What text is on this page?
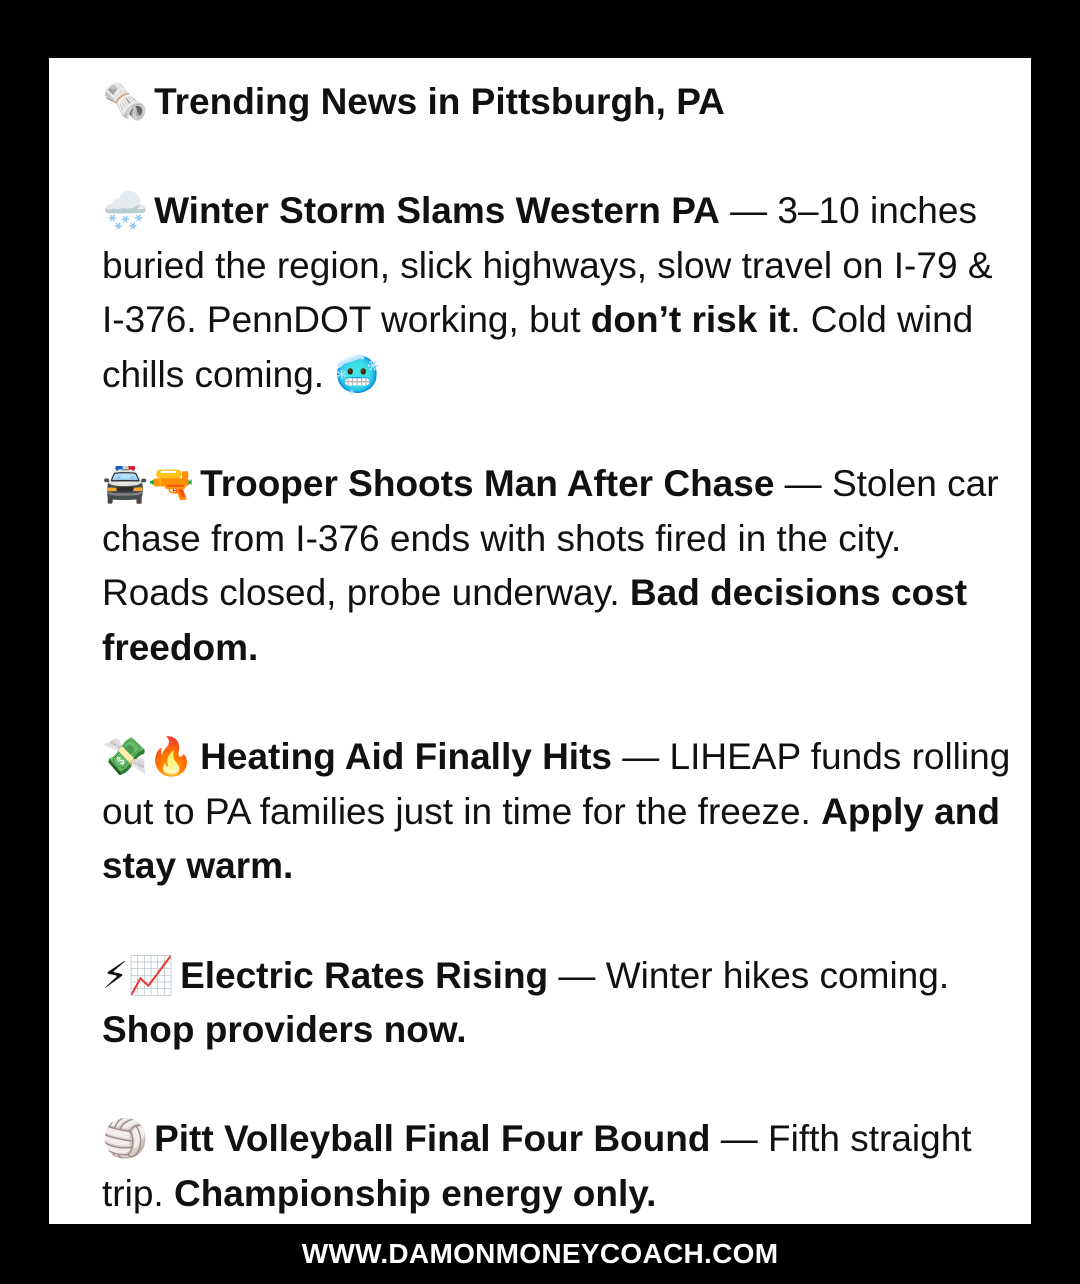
🗞️ Trending News in Pittsburgh, PA

🌨️ Winter Storm Slams Western PA — 3–10 inches buried the region, slick highways, slow travel on I-79 & I-376. PennDOT working, but don’t risk it. Cold wind chills coming. 🥶

🚔🔫 Trooper Shoots Man After Chase — Stolen car chase from I-376 ends with shots fired in the city. Roads closed, probe underway. Bad decisions cost freedom.

💸🔥 Heating Aid Finally Hits — LIHEAP funds rolling out to PA families just in time for the freeze. Apply and stay warm.

⚡📈 Electric Rates Rising — Winter hikes coming. Shop providers now.

🏐 Pitt Volleyball Final Four Bound — Fifth straight trip. Championship energy only.

WWW.DAMONMONEYCOACH.COM
